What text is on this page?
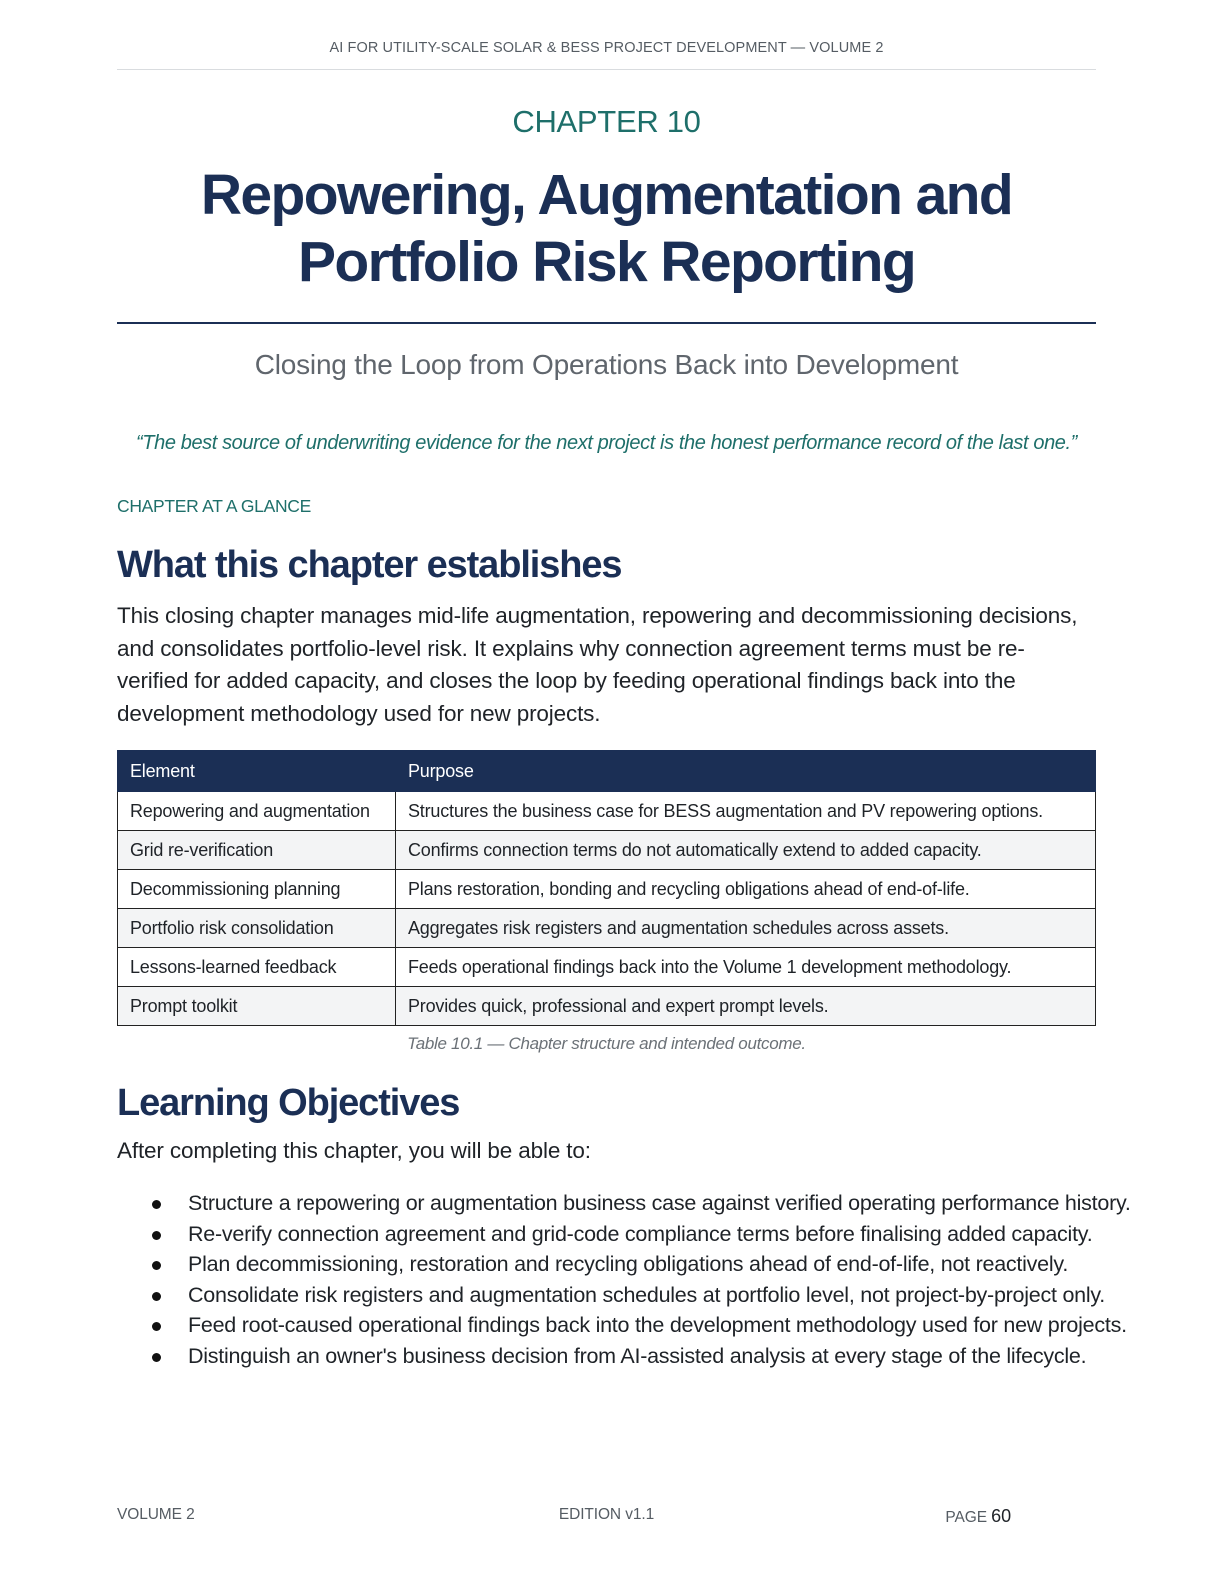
AI FOR UTILITY-SCALE SOLAR & BESS PROJECT DEVELOPMENT — VOLUME 2
CHAPTER 10
Repowering, Augmentation and Portfolio Risk Reporting
Closing the Loop from Operations Back into Development
“The best source of underwriting evidence for the next project is the honest performance record of the last one.”
CHAPTER AT A GLANCE
What this chapter establishes

This closing chapter manages mid-life augmentation, repowering and decommissioning decisions, and consolidates portfolio-level risk. It explains why connection agreement terms must be re-verified for added capacity, and closes the loop by feeding operational findings back into the development methodology used for new projects.

Element	Purpose
Repowering and augmentation	Structures the business case for BESS augmentation and PV repowering options.
Grid re-verification	Confirms connection terms do not automatically extend to added capacity.
Decommissioning planning	Plans restoration, bonding and recycling obligations ahead of end-of-life.
Portfolio risk consolidation	Aggregates risk registers and augmentation schedules across assets.
Lessons-learned feedback	Feeds operational findings back into the Volume 1 development methodology.
Prompt toolkit	Provides quick, professional and expert prompt levels.
Table 10.1 — Chapter structure and intended outcome.
Learning Objectives

After completing this chapter, you will be able to:

Structure a repowering or augmentation business case against verified operating performance history.
Re-verify connection agreement and grid-code compliance terms before finalising added capacity.
Plan decommissioning, restoration and recycling obligations ahead of end-of-life, not reactively.
Consolidate risk registers and augmentation schedules at portfolio level, not project-by-project only.
Feed root-caused operational findings back into the development methodology used for new projects.
Distinguish an owner's business decision from AI-assisted analysis at every stage of the lifecycle.
VOLUME 2	EDITION v1.1	PAGE 60
